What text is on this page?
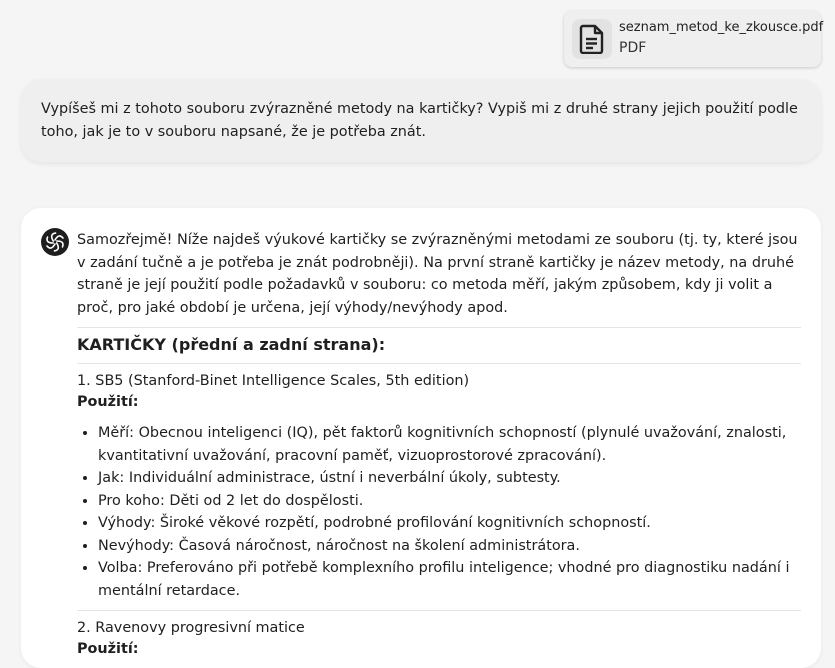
seznam_metod_ke_zkousce.pdf
PDF
Vypíšeš mi z tohoto souboru zvýrazněné metody na kartičky? Vypiš mi z druhé strany jejich použití podle toho, jak je to v souboru napsané, že je potřeba znát.

Samozřejmě! Níže najdeš výukové kartičky se zvýrazněnými metodami ze souboru (tj. ty, které jsou v zadání tučně a je potřeba je znát podrobněji). Na první straně kartičky je název metody, na druhé straně je její použití podle požadavků v souboru: co metoda měří, jakým způsobem, kdy ji volit a proč, pro jaké období je určena, její výhody/nevýhody apod.

KARTIČKY (přední a zadní strana):
1. SB5 (Stanford-Binet Intelligence Scales, 5th edition)
Použití:
• Měří: Obecnou inteligenci (IQ), pět faktorů kognitivních schopností (plynulé uvažování, znalosti, kvantitativní uvažování, pracovní paměť, vizuoprostorové zpracování).
• Jak: Individuální administrace, ústní i neverbální úkoly, subtesty.
• Pro koho: Děti od 2 let do dospělosti.
• Výhody: Široké věkové rozpětí, podrobné profilování kognitivních schopností.
• Nevýhody: Časová náročnost, náročnost na školení administrátora.
• Volba: Preferováno při potřebě komplexního profilu inteligence; vhodné pro diagnostiku nadání i mentální retardace.
2. Ravenovy progresivní matice
Použití:
